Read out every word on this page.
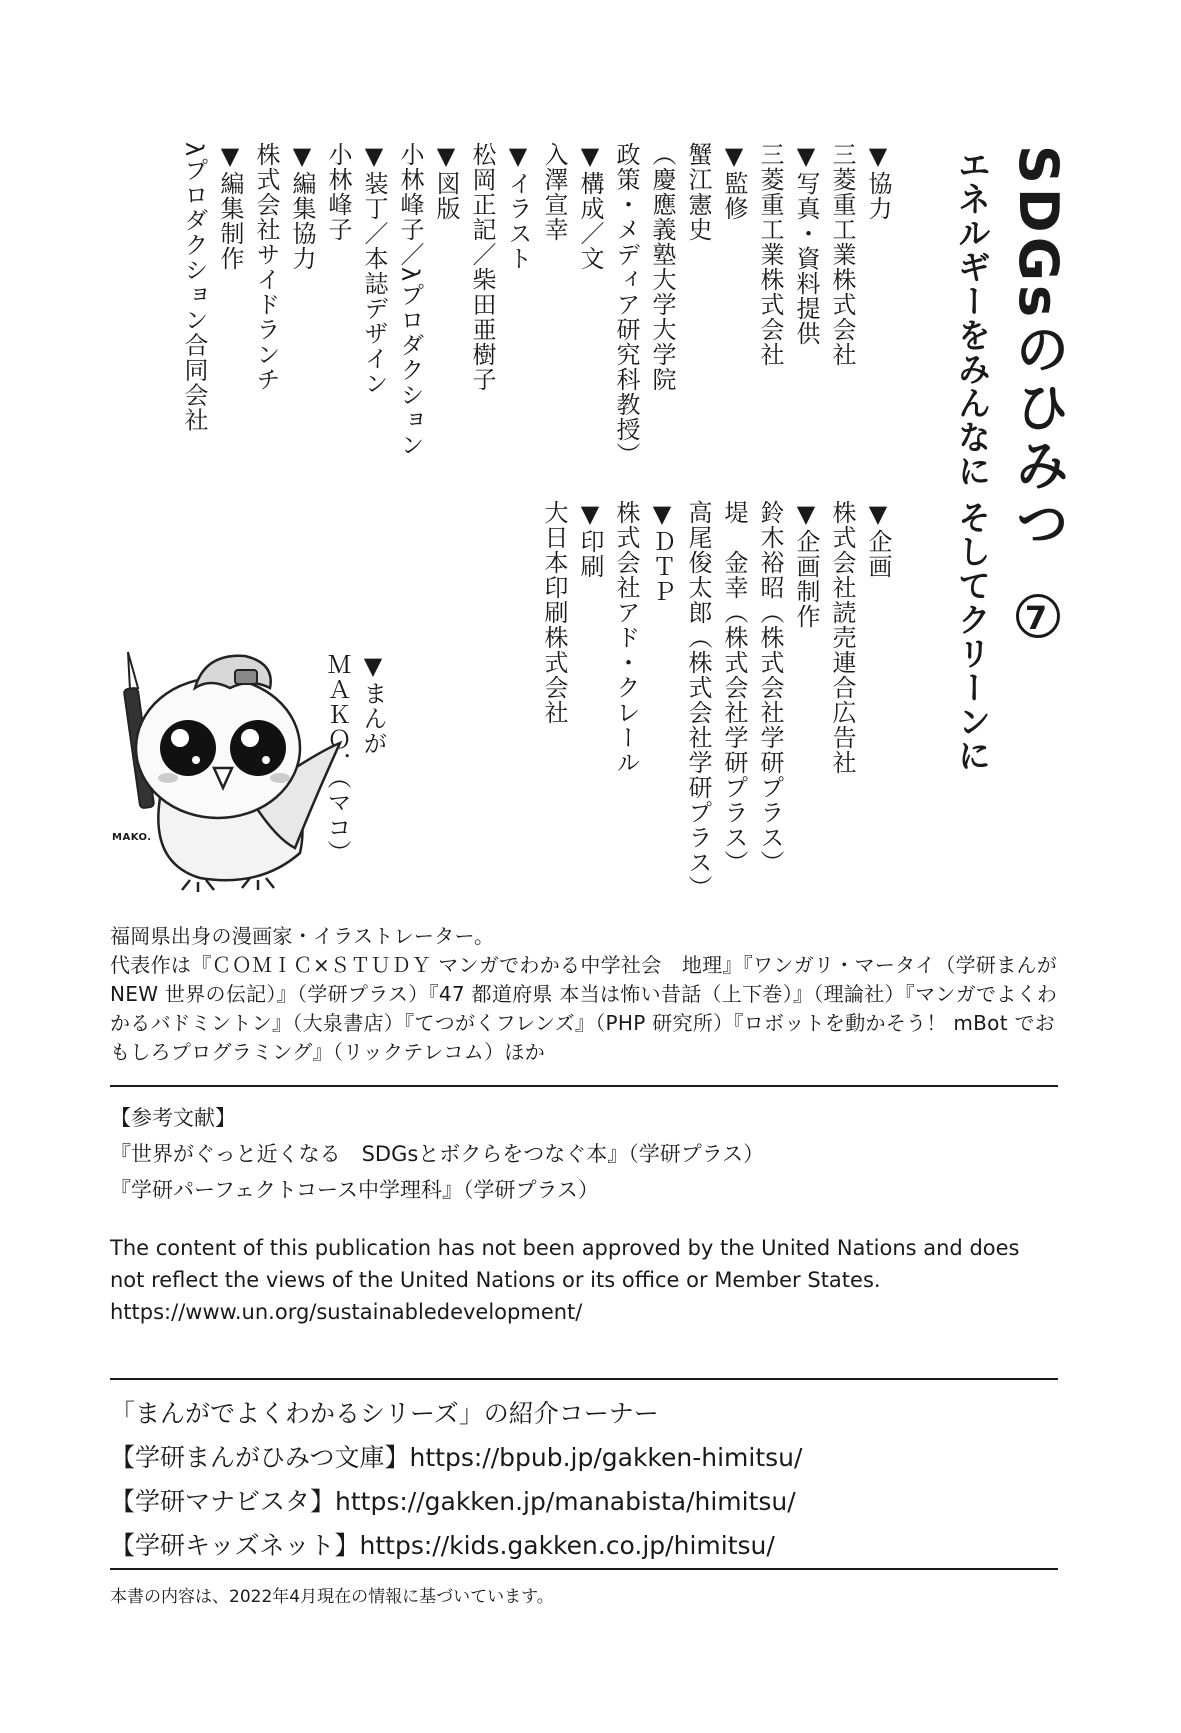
SDGsのひみつ 7
エネルギーをみんなに そしてクリーンに
▼協力
三菱重工業株式会社
▼写真・資料提供
三菱重工業株式会社
▼監修
蟹江憲史
（慶應義塾大学大学院
政策・メディア研究科教授）
▼構成／文
入澤宣幸
▼イラスト
松岡正記／柴田亜樹子
▼図版
小林峰子／λプロダクション
▼装丁／本誌デザイン
小林峰子
▼編集協力
株式会社サイドランチ
▼編集制作
λプロダクション合同会社
▼企画
株式会社読売連合広告社
▼企画制作
鈴木裕昭（株式会社学研プラス）
堤　金幸（株式会社学研プラス）
高尾俊太郎（株式会社学研プラス）
▼ＤＴＰ
株式会社アド・クレール
▼印刷
大日本印刷株式会社
▼まんが
ＭＡＫＯ．（マコ）
MAKO.
福岡県出身の漫画家・イラストレーター。
代表作は『ＣＯＭＩＣ×ＳＴＵＤＹ マンガでわかる中学社会　地理』『ワンガリ・マータイ（学研まんが NEW 世界の伝記）』（学研プラス）『47 都道府県 本当は怖い昔話（上下巻）』（理論社）『マンガでよくわかるバドミントン』（大泉書店）『てつがくフレンズ』（PHP 研究所）『ロボットを動かそう！ mBot でおもしろプログラミング』（リックテレコム）ほか
【参考文献】
『世界がぐっと近くなる　SDGsとボクらをつなぐ本』（学研プラス）
『学研パーフェクトコース中学理科』（学研プラス）
The content of this publication has not been approved by the United Nations and does not reflect the views of the United Nations or its office or Member States.
https://www.un.org/sustainabledevelopment/
「まんがでよくわかるシリーズ」の紹介コーナー
【学研まんがひみつ文庫】https://bpub.jp/gakken-himitsu/
【学研マナビスタ】https://gakken.jp/manabista/himitsu/
【学研キッズネット】https://kids.gakken.co.jp/himitsu/
本書の内容は、2022年4月現在の情報に基づいています。
